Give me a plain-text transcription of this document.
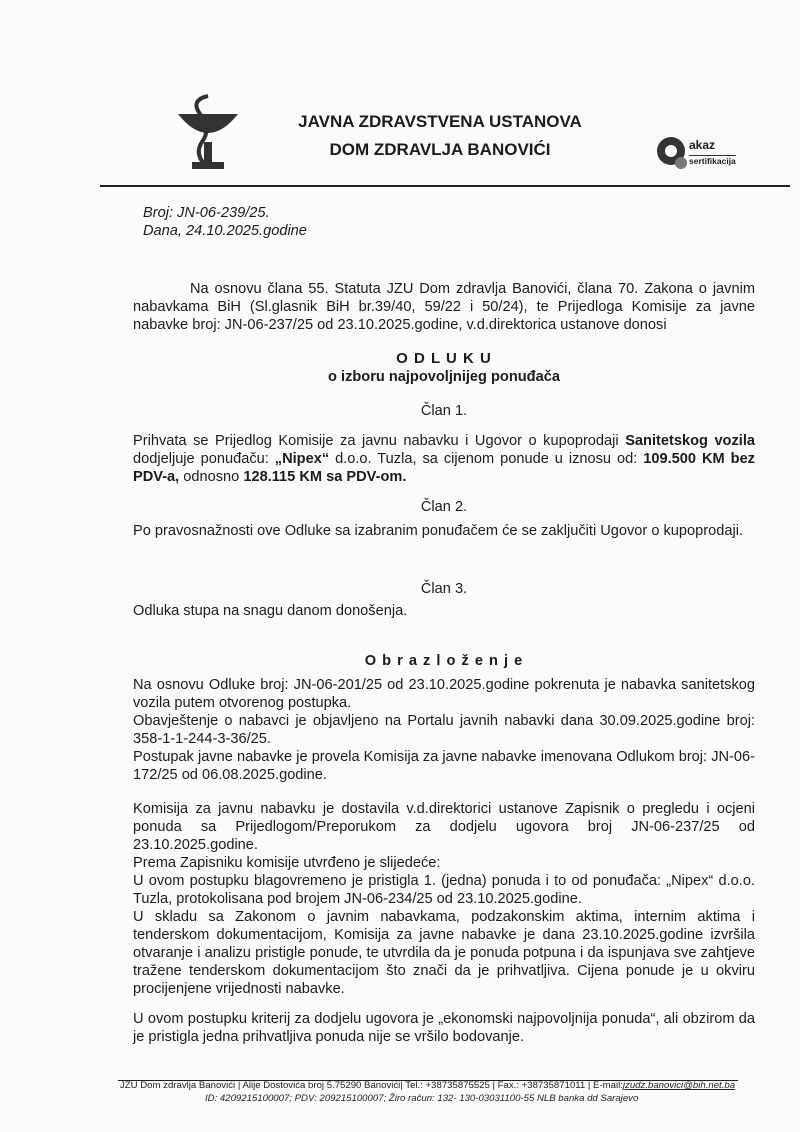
JAVNA ZDRAVSTVENA USTANOVA
DOM ZDRAVLJA BANOVIĆI	akaz
sertifikacija
Broj: JN-06-239/25.
Dana, 24.10.2025.godine
Na osnovu člana 55. Statuta JZU Dom zdravlja Banovići, člana 70. Zakona o javnim nabavkama BiH (Sl.glasnik BiH br.39/40, 59/22 i 50/24), te Prijedloga Komisije za javne nabavke broj: JN-06-237/25 od 23.10.2025.godine, v.d.direktorica ustanove donosi
O D L U K U
o izboru najpovoljnijeg ponuđača
Član 1.
Prihvata se Prijedlog Komisije za javnu nabavku i Ugovor o kupoprodaji Sanitetskog vozila dodjeljuje ponuđaču: „Nipex“ d.o.o. Tuzla, sa cijenom ponude u iznosu od: 109.500 KM bez PDV-a, odnosno 128.115 KM sa PDV-om.
Član 2.
Po pravosnažnosti ove Odluke sa izabranim ponuđačem će se zaključiti Ugovor o kupoprodaji.
Član 3.
Odluka stupa na snagu danom donošenja.
O b r a z l o ž e n j e
Na osnovu Odluke broj: JN-06-201/25 od 23.10.2025.godine pokrenuta je nabavka sanitetskog vozila putem otvorenog postupka.
Obavještenje o nabavci je objavljeno na Portalu javnih nabavki dana 30.09.2025.godine broj: 358-1-1-244-3-36/25.
Postupak javne nabavke je provela Komisija za javne nabavke imenovana Odlukom broj: JN-06-172/25 od 06.08.2025.godine.
Komisija za javnu nabavku je dostavila v.d.direktorici ustanove Zapisnik o pregledu i ocjeni ponuda sa Prijedlogom/Preporukom za dodjelu ugovora broj JN-06-237/25 od 23.10.2025.godine.
Prema Zapisniku komisije utvrđeno je slijedeće:
U ovom postupku blagovremeno je pristigla 1. (jedna) ponuda i to od ponuđača: „Nipex“ d.o.o. Tuzla, protokolisana pod brojem JN-06-234/25 od 23.10.2025.godine.
U skladu sa Zakonom o javnim nabavkama, podzakonskim aktima, internim aktima i tenderskom dokumentacijom, Komisija za javne nabavke je dana 23.10.2025.godine izvršila otvaranje i analizu pristigle ponude, te utvrdila da je ponuda potpuna i da ispunjava sve zahtjeve tražene tenderskom dokumentacijom što znači da je prihvatljiva. Cijena ponude je u okviru procijenjene vrijednosti nabavke.
U ovom postupku kriterij za dodjelu ugovora je „ekonomski najpovoljnija ponuda“, ali obzirom da je pristigla jedna prihvatljiva ponuda nije se vršilo bodovanje.
JZU Dom zdravlja Banovići | Alije Dostovića broj 5.75290 Banovići| Tel.: +38735875525 | Fax.: +38735871011 | E-mail:jzudz.banovici@bih.net.ba
ID: 4209215100007; PDV: 209215100007; Žiro račun: 132- 130-03031100-55 NLB banka dd Sarajevo
